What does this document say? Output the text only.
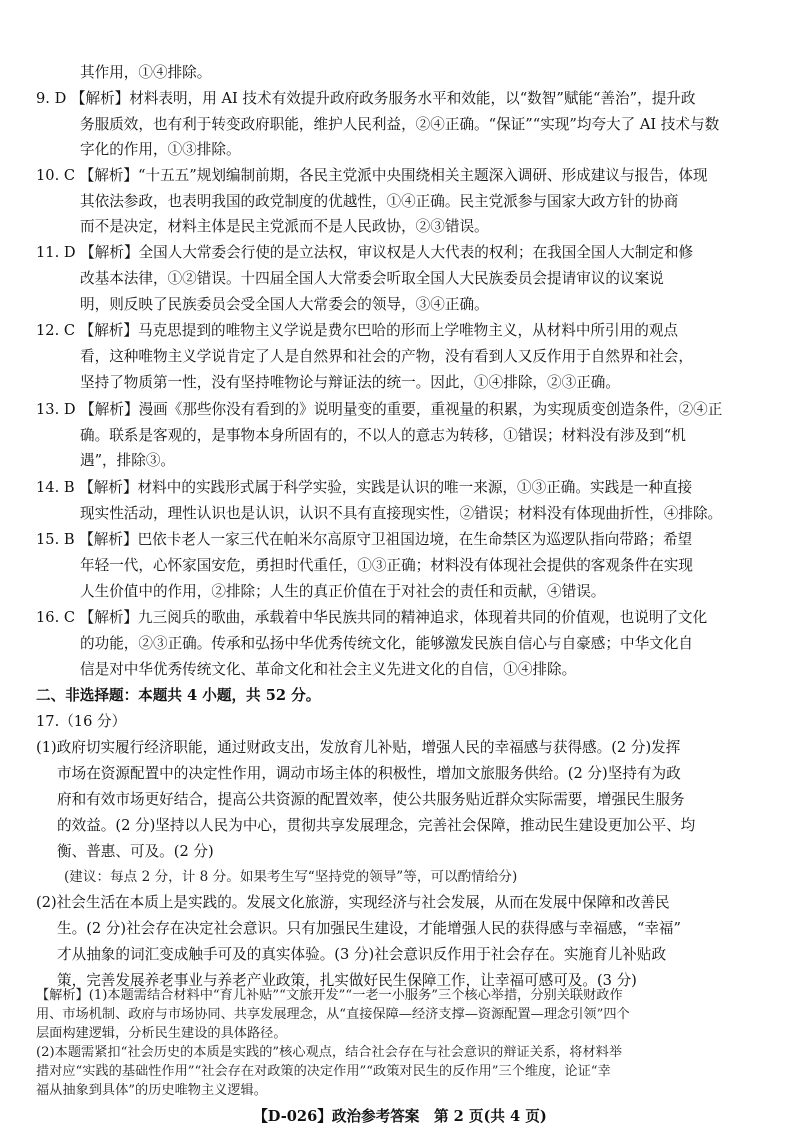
其作用，①④排除。
9. D 【解析】材料表明，用 AI 技术有效提升政府政务服务水平和效能，以“数智”赋能“善治”，提升政
务服质效，也有利于转变政府职能，维护人民利益，②④正确。“保证”“实现”均夸大了 AI 技术与数
字化的作用，①③排除。
10. C 【解析】“十五五”规划编制前期，各民主党派中央围绕相关主题深入调研、形成建议与报告，体现
其依法参政，也表明我国的政党制度的优越性，①④正确。民主党派参与国家大政方针的协商
而不是决定，材料主体是民主党派而不是人民政协，②③错误。
11. D 【解析】全国人大常委会行使的是立法权，审议权是人大代表的权利；在我国全国人大制定和修
改基本法律，①②错误。十四届全国人大常委会听取全国人大民族委员会提请审议的议案说
明，则反映了民族委员会受全国人大常委会的领导，③④正确。
12. C 【解析】马克思提到的唯物主义学说是费尔巴哈的形而上学唯物主义，从材料中所引用的观点
看，这种唯物主义学说肯定了人是自然界和社会的产物，没有看到人又反作用于自然界和社会，
坚持了物质第一性，没有坚持唯物论与辩证法的统一。因此，①④排除，②③正确。
13. D 【解析】漫画《那些你没有看到的》说明量变的重要，重视量的积累，为实现质变创造条件，②④正
确。联系是客观的，是事物本身所固有的，不以人的意志为转移，①错误；材料没有涉及到“机
遇”，排除③。
14. B 【解析】材料中的实践形式属于科学实验，实践是认识的唯一来源，①③正确。实践是一种直接
现实性活动，理性认识也是认识，认识不具有直接现实性，②错误；材料没有体现曲折性，④排除。
15. B 【解析】巴依卡老人一家三代在帕米尔高原守卫祖国边境，在生命禁区为巡逻队指向带路；希望
年轻一代，心怀家国安危，勇担时代重任，①③正确；材料没有体现社会提供的客观条件在实现
人生价值中的作用，②排除；人生的真正价值在于对社会的责任和贡献，④错误。
16. C 【解析】九三阅兵的歌曲，承载着中华民族共同的精神追求，体现着共同的价值观，也说明了文化
的功能，②③正确。传承和弘扬中华优秀传统文化，能够激发民族自信心与自豪感；中华文化自
信是对中华优秀传统文化、革命文化和社会主义先进文化的自信，①④排除。
二、非选择题：本题共 4 小题，共 52 分。
17.（16 分）
(1)政府切实履行经济职能，通过财政支出，发放育儿补贴，增强人民的幸福感与获得感。(2 分)发挥
市场在资源配置中的决定性作用，调动市场主体的积极性，增加文旅服务供给。(2 分)坚持有为政
府和有效市场更好结合，提高公共资源的配置效率，使公共服务贴近群众实际需要，增强民生服务
的效益。(2 分)坚持以人民为中心，贯彻共享发展理念，完善社会保障，推动民生建设更加公平、均
衡、普惠、可及。(2 分)
(建议：每点 2 分，计 8 分。如果考生写“坚持党的领导”等，可以酌情给分)
(2)社会生活在本质上是实践的。发展文化旅游，实现经济与社会发展，从而在发展中保障和改善民
生。(2 分)社会存在决定社会意识。只有加强民生建设，才能增强人民的获得感与幸福感，“幸福”
才从抽象的词汇变成触手可及的真实体验。(3 分)社会意识反作用于社会存在。实施育儿补贴政
策，完善发展养老事业与养老产业政策，扎实做好民生保障工作，让幸福可感可及。(3 分)
【解析】(1)本题需结合材料中“育儿补贴”“文旅开发”“一老一小服务”三个核心举措，分别关联财政作
用、市场机制、政府与市场协同、共享发展理念，从“直接保障—经济支撑—资源配置—理念引领”四个
层面构建逻辑，分析民生建设的具体路径。
(2)本题需紧扣“社会历史的本质是实践的”核心观点，结合社会存在与社会意识的辩证关系，将材料举
措对应“实践的基础性作用”“社会存在对政策的决定作用”“政策对民生的反作用”三个维度，论证“幸
福从抽象到具体”的历史唯物主义逻辑。
【D-026】政治参考答案　第 2 页(共 4 页)
